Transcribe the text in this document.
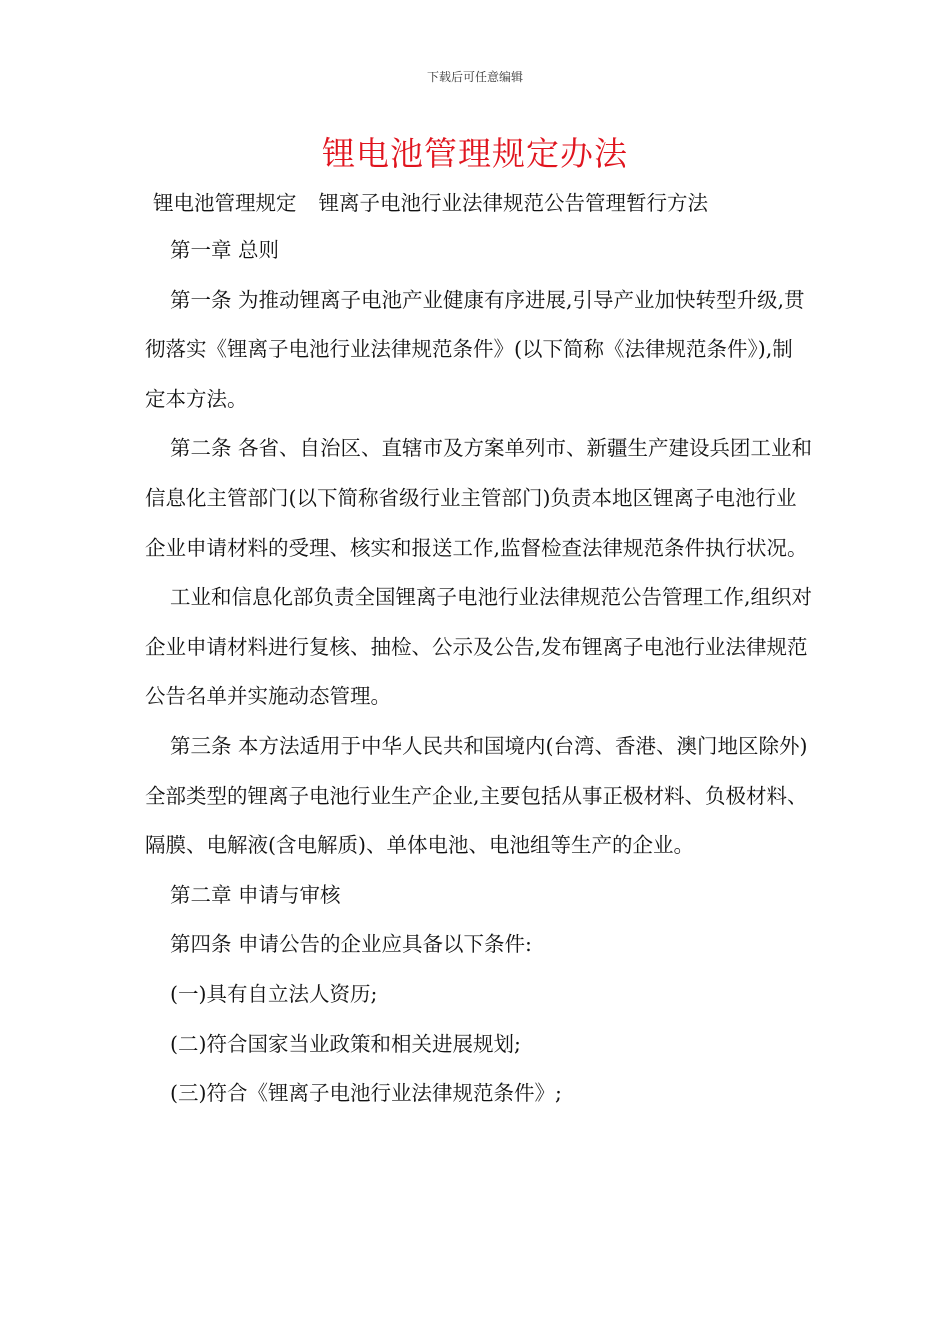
下载后可任意编辑
锂电池管理规定办法
锂电池管理规定 锂离子电池行业法律规范公告管理暂行方法

第一章 总则

第一条 为推动锂离子电池产业健康有序进展,引导产业加快转型升级,贯彻落实《锂离子电池行业法律规范条件》(以下简称《法律规范条件》),制定本方法。

第二条 各省、自治区、直辖市及方案单列市、新疆生产建设兵团工业和信息化主管部门(以下简称省级行业主管部门)负责本地区锂离子电池行业企业申请材料的受理、核实和报送工作,监督检查法律规范条件执行状况。

工业和信息化部负责全国锂离子电池行业法律规范公告管理工作,组织对企业申请材料进行复核、抽检、公示及公告,发布锂离子电池行业法律规范公告名单并实施动态管理。

第三条 本方法适用于中华人民共和国境内(台湾、香港、澳门地区除外)全部类型的锂离子电池行业生产企业,主要包括从事正极材料、负极材料、隔膜、电解液(含电解质)、单体电池、电池组等生产的企业。

第二章 申请与审核

第四条 申请公告的企业应具备以下条件:

(一)具有自立法人资历;

(二)符合国家当业政策和相关进展规划;

(三)符合《锂离子电池行业法律规范条件》;
